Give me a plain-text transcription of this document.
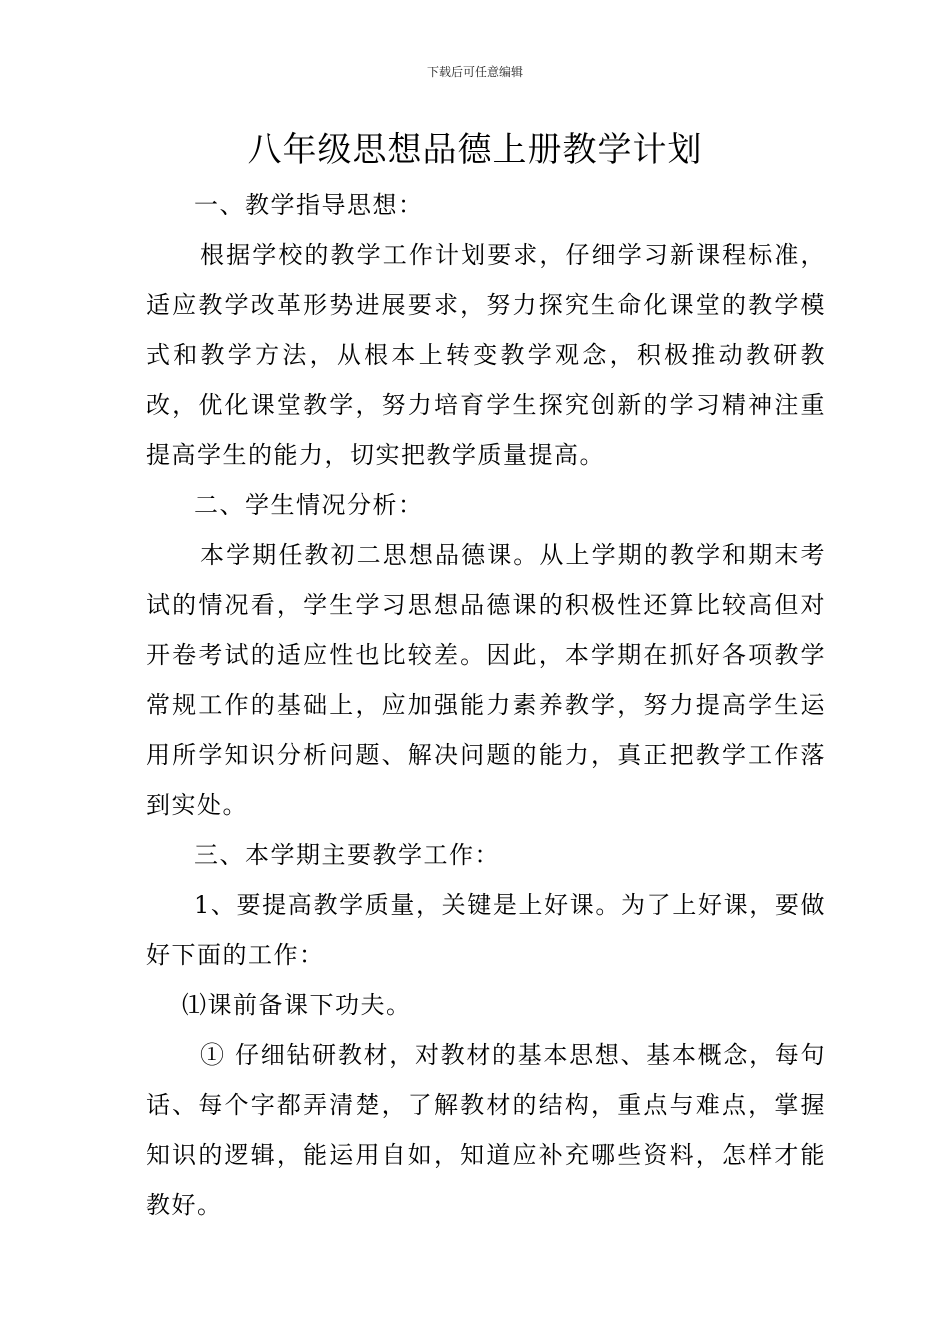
下载后可任意编辑
八年级思想品德上册教学计划

一、教学指导思想：

根据学校的教学工作计划要求，仔细学习新课程标准，适应教学改革形势进展要求，努力探究生命化课堂的教学模式和教学方法，从根本上转变教学观念，积极推动教研教改，优化课堂教学，努力培育学生探究创新的学习精神注重提高学生的能力，切实把教学质量提高。

二、学生情况分析：

本学期任教初二思想品德课。从上学期的教学和期末考试的情况看，学生学习思想品德课的积极性还算比较高但对开卷考试的适应性也比较差。因此，本学期在抓好各项教学常规工作的基础上，应加强能力素养教学，努力提高学生运用所学知识分析问题、解决问题的能力，真正把教学工作落到实处。

三、本学期主要教学工作：

1、要提高教学质量，关键是上好课。为了上好课，要做好下面的工作：

⑴课前备课下功夫。

① 仔细钻研教材，对教材的基本思想、基本概念，每句话、每个字都弄清楚，了解教材的结构，重点与难点，掌握知识的逻辑，能运用自如，知道应补充哪些资料，怎样才能教好。
